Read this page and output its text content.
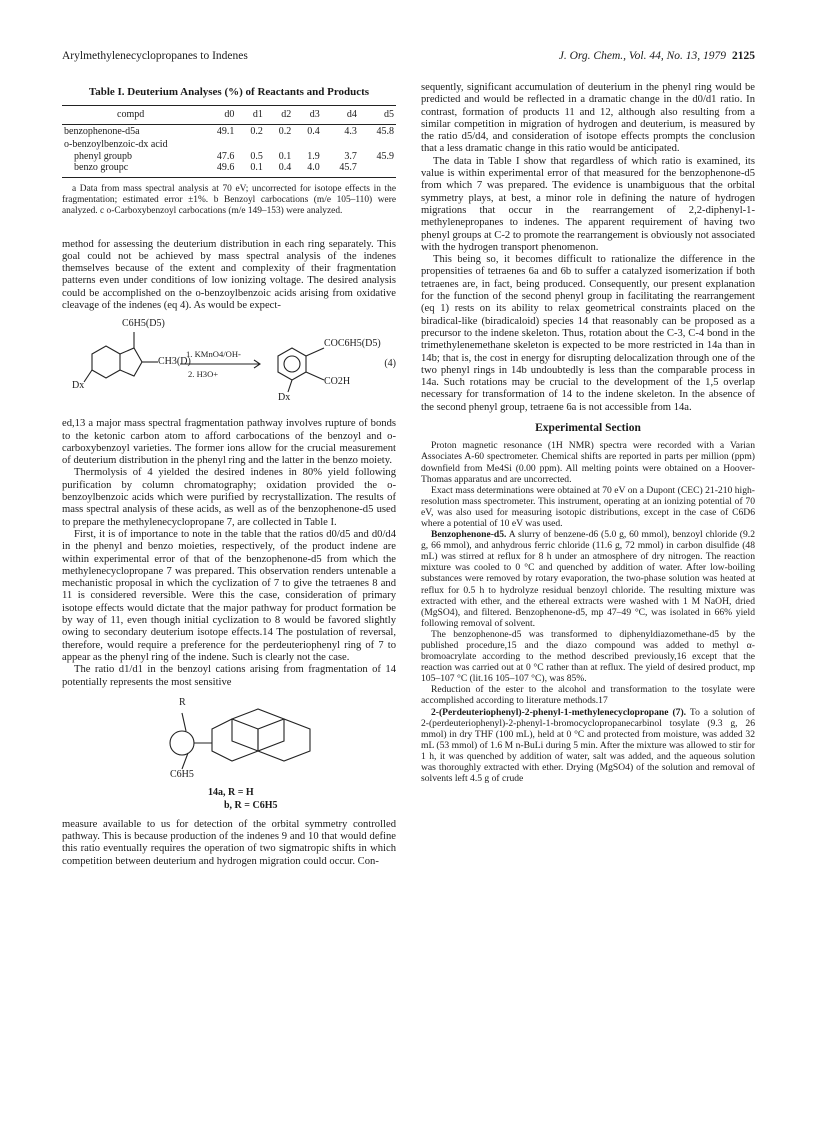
Arylmethylenecyclopropanes to Indenes	J. Org. Chem., Vol. 44, No. 13, 1979 2125
Table I. Deuterium Analyses (%) of Reactants and Products
compd	d0	d1	d2	d3	d4	d5
benzophenone-d5a	49.1	0.2	0.2	0.4	4.3	45.8
o-benzoylbenzoic-dx acid						
phenyl groupb	47.6	0.5	0.1	1.9	3.7	45.9
benzo groupc	49.6	0.1	0.4	4.0	45.7	

a Data from mass spectral analysis at 70 eV; uncorrected for isotope effects in the fragmentation; estimated error ±1%. b Benzoyl carbocations (m/e 105–110) were analyzed. c o-Carboxybenzoyl carbocations (m/e 149–153) were analyzed.

method for assessing the deuterium distribution in each ring separately. This goal could not be achieved by mass spectral analysis of the indenes themselves because of the extent and complexity of their fragmentation patterns even under conditions of low ionizing voltage. The desired analysis could be accomplished on the o-benzoylbenzoic acids arising from oxidative cleavage of the indenes (eq 4). As would be expect-

C6H5(D5)
CH3(D)
Dx
1. KMnO4/OH-
2. H3O+
COC6H5(D5)
CO2H
Dx
(4)

ed,13 a major mass spectral fragmentation pathway involves rupture of bonds to the ketonic carbon atom to afford carbocations of the benzoyl and o-carboxybenzoyl varieties. The former ions allow for the crucial measurement of deuterium distribution in the phenyl ring and the latter in the benzo moiety.

Thermolysis of 4 yielded the desired indenes in 80% yield following purification by column chromatography; oxidation provided the o-benzoylbenzoic acids which were purified by recrystallization. The results of mass spectral analysis of these acids, as well as of the benzophenone-d5 used to prepare the methylenecyclopropane 7, are collected in Table I.

First, it is of importance to note in the table that the ratios d0/d5 and d0/d4 in the phenyl and benzo moieties, respectively, of the product indene are within experimental error of that of the benzophenone-d5 from which the methylenecyclopropane 7 was prepared. This observation renders untenable a mechanistic proposal in which the cyclization of 7 to give the tetraenes 8 and 11 is considered reversible. Were this the case, consideration of primary isotope effects would dictate that the major pathway for product formation be by way of 11, even though initial cyclization to 8 would be favored slightly owing to secondary deuterium isotope effects.14 The postulation of reversal, therefore, would require a preference for the perdeuteriophenyl ring of 7 to appear as the phenyl ring of the indene. Such is clearly not the case.

The ratio d1/d1 in the benzoyl cations arising from fragmentation of 14 potentially represents the most sensitive

R
C6H5
14a, R = H
b, R = C6H5

measure available to us for detection of the orbital symmetry controlled pathway. This is because production of the indenes 9 and 10 that would define this ratio eventually requires the operation of two sigmatropic shifts in which competition between deuterium and hydrogen migration could occur. Con-

sequently, significant accumulation of deuterium in the phenyl ring would be predicted and would be reflected in a dramatic change in the d0/d1 ratio. In contrast, formation of products 11 and 12, although also resulting from a similar competition in migration of hydrogen and deuterium, is measured by the ratio d5/d4, and consideration of isotope effects prompts the conclusion that a less dramatic change in this ratio would be anticipated.

The data in Table I show that regardless of which ratio is examined, its value is within experimental error of that measured for the benzophenone-d5 from which 7 was prepared. The evidence is unambiguous that the orbital symmetry plays, at best, a minor role in defining the nature of hydrogen migrations that occur in the rearrangement of 2,2-diphenyl-1-methylenepropanes to indenes. The apparent requirement of having two phenyl groups at C-2 to promote the rearrangement is obviously not associated with the hydrogen transport phenomenon.

This being so, it becomes difficult to rationalize the difference in the propensities of tetraenes 6a and 6b to suffer a catalyzed isomerization if both tetraenes are, in fact, being produced. Consequently, our present explanation for the function of the second phenyl group in facilitating the rearrangement (eq 1) rests on its ability to relax geometrical constraints placed on the biradical-like (biradicaloid) species 14 that reasonably can be proposed as a precursor to the indene skeleton. Thus, rotation about the C-3, C-4 bond in the trimethylenemethane skeleton is expected to be more restricted in 14a than in 14b; that is, the cost in energy for disrupting delocalization through one of the two phenyl rings in 14b undoubtedly is less than the comparable process in 14a. Such rotations may be crucial to the development of the 1,5 overlap necessary for transformation of 14 to the indene skeleton. In the absence of the second phenyl group, tetraene 6a is not accessible from 14a.

Experimental Section

Proton magnetic resonance (1H NMR) spectra were recorded with a Varian Associates A-60 spectrometer. Chemical shifts are reported in parts per million (ppm) downfield from Me4Si (0.00 ppm). All melting points were obtained on a Hoover-Thomas apparatus and are uncorrected.

Exact mass determinations were obtained at 70 eV on a Dupont (CEC) 21-210 high-resolution mass spectrometer. This instrument, operating at an ionizing potential of 70 eV, was also used for measuring isotopic distributions, except in the case of C6D6 where a potential of 10 eV was used.

Benzophenone-d5. A slurry of benzene-d6 (5.0 g, 60 mmol), benzoyl chloride (9.2 g, 66 mmol), and anhydrous ferric chloride (11.6 g, 72 mmol) in carbon disulfide (48 mL) was stirred at reflux for 8 h under an atmosphere of dry nitrogen. The reaction mixture was cooled to 0 °C and quenched by addition of water. After low-boiling substances were removed by rotary evaporation, the two-phase solution was heated at reflux for 0.5 h to hydrolyze residual benzoyl chloride. The resulting mixture was extracted with ether, and the ethereal extracts were washed with 1 M NaOH, dried (MgSO4), and filtered. Benzophenone-d5, mp 47–49 °C, was isolated in 66% yield following removal of solvent.

The benzophenone-d5 was transformed to diphenyldiazomethane-d5 by the published procedure,15 and the diazo compound was added to methyl α-bromoacrylate according to the method described previously,16 except that the reaction was carried out at 0 °C rather than at reflux. The yield of desired product, mp 105–107 °C (lit.16 105–107 °C), was 85%.

Reduction of the ester to the alcohol and transformation to the tosylate were accomplished according to literature methods.17

2-(Perdeuteriophenyl)-2-phenyl-1-methylenecyclopropane (7). To a solution of 2-(perdeuteriophenyl)-2-phenyl-1-bromocyclopropanecarbinol tosylate (9.3 g, 26 mmol) in dry THF (100 mL), held at 0 °C and protected from moisture, was added 32 mL (53 mmol) of 1.6 M n-BuLi during 5 min. After the mixture was allowed to stir for 1 h, it was quenched by addition of water, salt was added, and the aqueous solution was thoroughly extracted with ether. Drying (MgSO4) of the solution and removal of solvents left 4.5 g of crude
